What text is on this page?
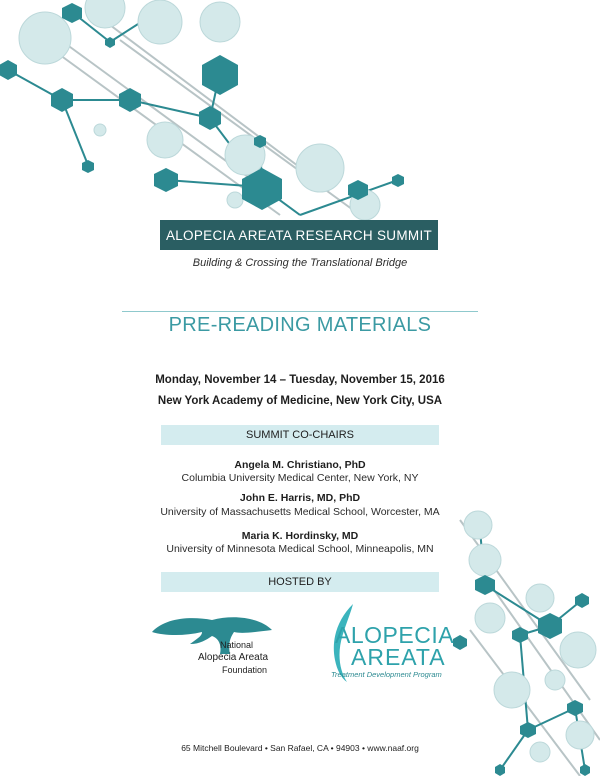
ALOPECIA AREATA RESEARCH SUMMIT
Building & Crossing the Translational Bridge
PRE-READING MATERIALS
Monday, November 14 – Tuesday, November 15, 2016
New York Academy of Medicine, New York City, USA
SUMMIT CO-CHAIRS
Angela M. Christiano, PhD
Columbia University Medical Center, New York, NY
John E. Harris, MD, PhD
University of Massachusetts Medical School, Worcester, MA
Maria K. Hordinsky, MD
University of Minnesota Medical School, Minneapolis, MN
HOSTED BY
National
Alopecia Areata
Foundation
ALOPECIA
AREATA
Treatment Development Program
65 Mitchell Boulevard • San Rafael, CA • 94903 • www.naaf.org
